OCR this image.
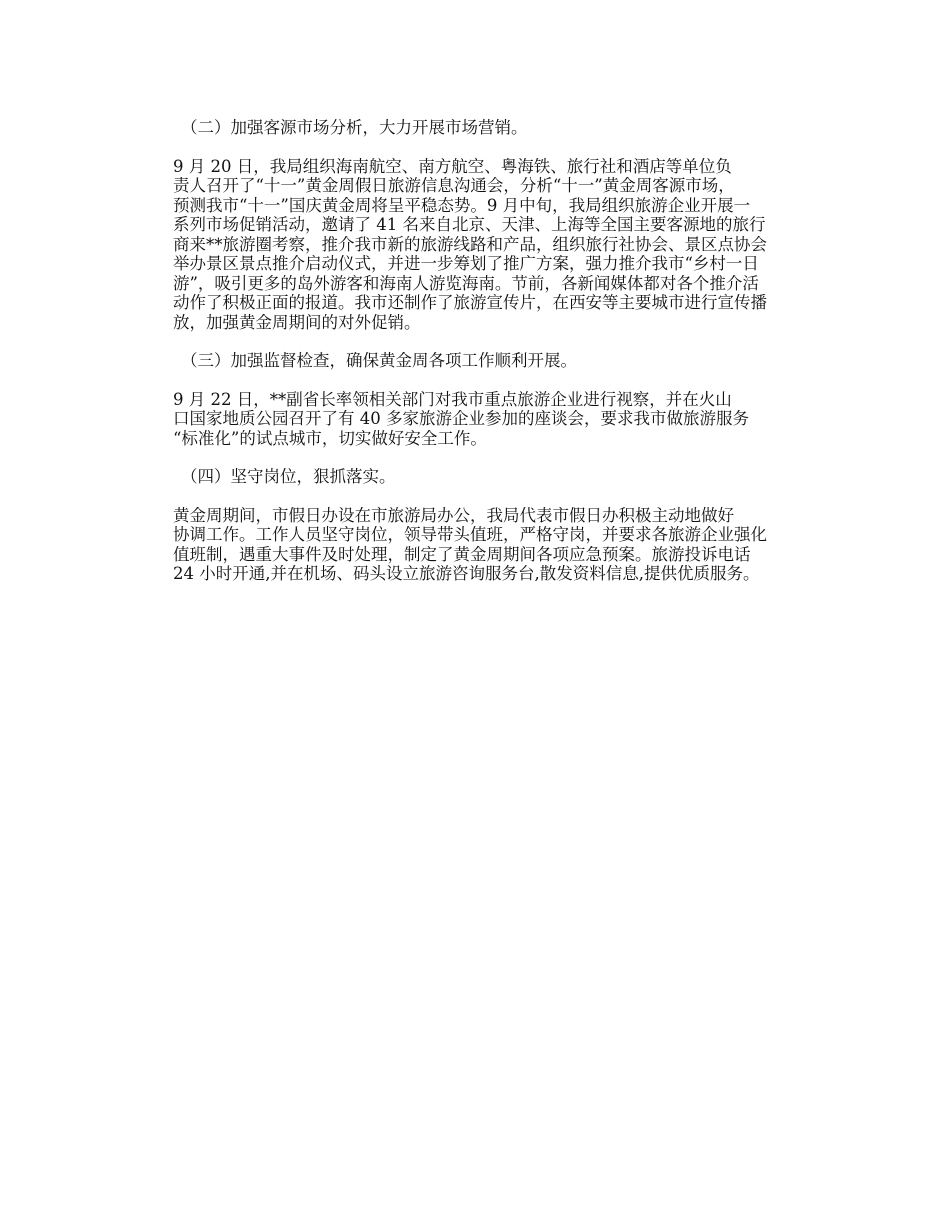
（二）加强客源市场分析，大力开展市场营销。

9 月 20 日，我局组织海南航空、南方航空、粤海铁、旅行社和酒店等单位负
责人召开了“十一”黄金周假日旅游信息沟通会，分析“十一”黄金周客源市场，
预测我市“十一”国庆黄金周将呈平稳态势。9 月中旬，我局组织旅游企业开展一
系列市场促销活动，邀请了 41 名来自北京、天津、上海等全国主要客源地的旅行
商来**旅游圈考察，推介我市新的旅游线路和产品，组织旅行社协会、景区点协会
举办景区景点推介启动仪式，并进一步筹划了推广方案，强力推介我市“乡村一日
游”，吸引更多的岛外游客和海南人游览海南。节前，各新闻媒体都对各个推介活
动作了积极正面的报道。我市还制作了旅游宣传片，在西安等主要城市进行宣传播
放，加强黄金周期间的对外促销。

（三）加强监督检查，确保黄金周各项工作顺利开展。

9 月 22 日，**副省长率领相关部门对我市重点旅游企业进行视察，并在火山
口国家地质公园召开了有 40 多家旅游企业参加的座谈会，要求我市做旅游服务
“标准化”的试点城市，切实做好安全工作。

（四）坚守岗位，狠抓落实。

黄金周期间，市假日办设在市旅游局办公，我局代表市假日办积极主动地做好
协调工作。工作人员坚守岗位，领导带头值班，严格守岗，并要求各旅游企业强化
值班制，遇重大事件及时处理，制定了黄金周期间各项应急预案。旅游投诉电话
24 小时开通,并在机场、码头设立旅游咨询服务台,散发资料信息,提供优质服务。
